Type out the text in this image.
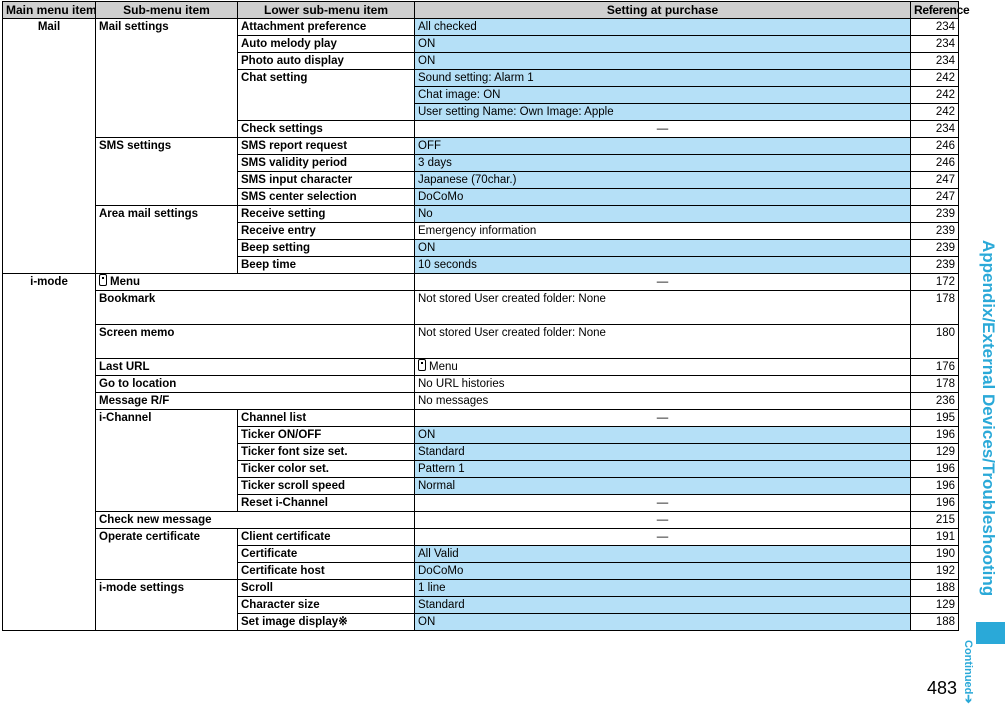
Main menu item	Sub-menu item	Lower sub-menu item	Setting at purchase	Reference
Mail	Mail settings	Attachment preference	All checked	234
		Auto melody play	ON	234
		Photo auto display	ON	234
		Chat setting	Sound setting: Alarm 1	242
			Chat image: ON	242
			User setting Name: Own Image: Apple	242
		Check settings	—	234
	SMS settings	SMS report request	OFF	246
		SMS validity period	3 days	246
		SMS input character	Japanese (70char.)	247
		SMS center selection	DoCoMo	247
	Area mail settings	Receive setting	No	239
		Receive entry	Emergency information	239
		Beep setting	ON	239
		Beep time	10 seconds	239
i-mode	Menu		—	172
	Bookmark		Not stored User created folder: None	178
	Screen memo		Not stored User created folder: None	180
	Last URL		Menu	176
	Go to location		No URL histories	178
	Message R/F		No messages	236
	i-Channel	Channel list	—	195
		Ticker ON/OFF	ON	196
		Ticker font size set.	Standard	129
		Ticker color set.	Pattern 1	196
		Ticker scroll speed	Normal	196
		Reset i-Channel	—	196
	Check new message		—	215
	Operate certificate	Client certificate	—	191
		Certificate	All Valid	190
		Certificate host	DoCoMo	192
	i-mode settings	Scroll	1 line	188
		Character size	Standard	129
		Set image display※	ON	188
Appendix/External Devices/Troubleshooting
Continued➔
483
